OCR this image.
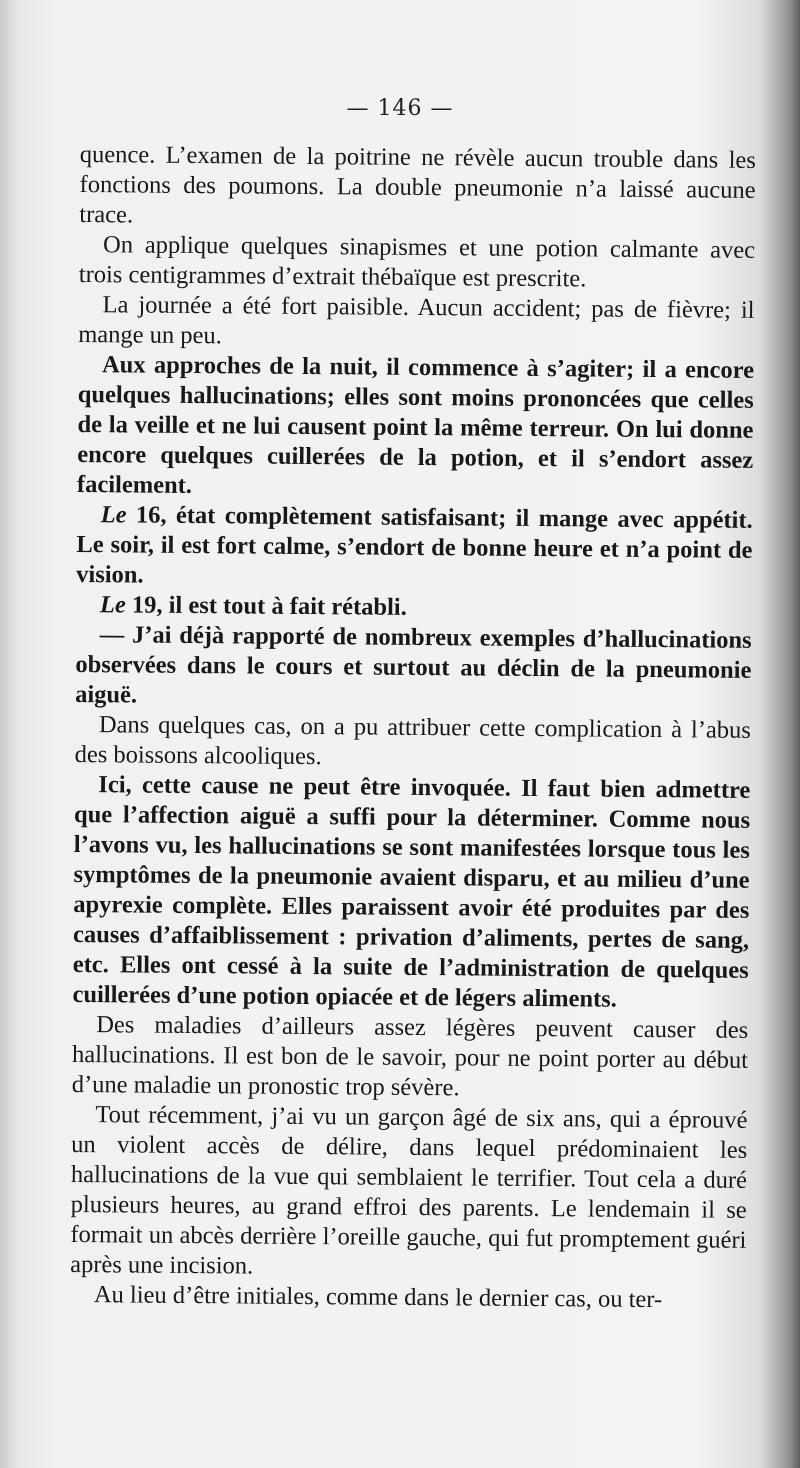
— 146 —

quence. L’examen de la poitrine ne révèle aucun trouble dans les fonctions des poumons. La double pneumonie n’a laissé aucune trace.

On applique quelques sinapismes et une potion calmante avec trois centigrammes d’extrait thébaïque est prescrite.

La journée a été fort paisible. Aucun accident; pas de fièvre; il mange un peu.

Aux approches de la nuit, il commence à s’agiter; il a encore quelques hallucinations; elles sont moins prononcées que celles de la veille et ne lui causent point la même terreur. On lui donne encore quelques cuillerées de la potion, et il s’endort assez facilement.

Le 16, état complètement satisfaisant; il mange avec appétit. Le soir, il est fort calme, s’endort de bonne heure et n’a point de vision.

Le 19, il est tout à fait rétabli.

— J’ai déjà rapporté de nombreux exemples d’hallucinations observées dans le cours et surtout au déclin de la pneumonie aiguë.

Dans quelques cas, on a pu attribuer cette complication à l’abus des boissons alcooliques.

Ici, cette cause ne peut être invoquée. Il faut bien admettre que l’affection aiguë a suffi pour la déterminer. Comme nous l’avons vu, les hallucinations se sont manifestées lorsque tous les symptômes de la pneumonie avaient disparu, et au milieu d’une apyrexie complète. Elles paraissent avoir été produites par des causes d’affaiblissement : privation d’aliments, pertes de sang, etc. Elles ont cessé à la suite de l’administration de quelques cuillerées d’une potion opiacée et de légers aliments.

Des maladies d’ailleurs assez légères peuvent causer des hallucinations. Il est bon de le savoir, pour ne point porter au début d’une maladie un pronostic trop sévère.

Tout récemment, j’ai vu un garçon âgé de six ans, qui a éprouvé un violent accès de délire, dans lequel prédominaient les hallucinations de la vue qui semblaient le terrifier. Tout cela a duré plusieurs heures, au grand effroi des parents. Le lendemain il se formait un abcès derrière l’oreille gauche, qui fut promptement guéri après une incision.

Au lieu d’être initiales, comme dans le dernier cas, ou ter-
